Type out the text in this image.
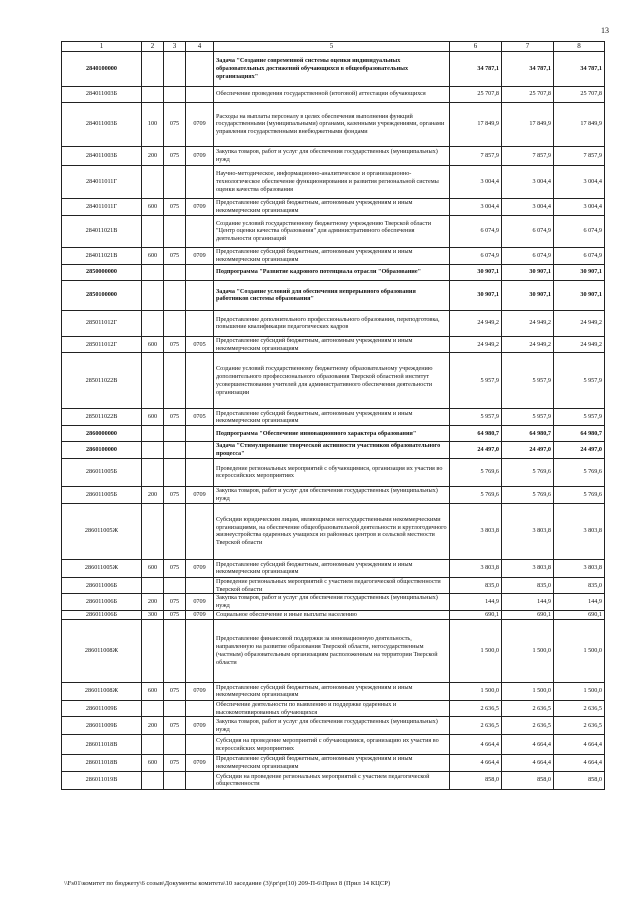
13
1	2	3	4	5	6	7	8
2840100000				Задача "Создание современной системы оценки индивидуальных образовательных достижений обучающихся в общеобразовательных организациях"	34 787,1	34 787,1	34 787,1
284011003Б				Обеспечение проведения государственной (итоговой) аттестации обучающихся	25 707,8	25 707,8	25 707,8
284011003Б	100	075	0709	Расходы на выплаты персоналу в целях обеспечения выполнения функций государственными (муниципальными) органами, казенными учреждениями, органами управления государственными внебюджетными фондами	17 849,9	17 849,9	17 849,9
284011003Б	200	075	0709	Закупка товаров, работ и услуг для обеспечения государственных (муниципальных) нужд	7 857,9	7 857,9	7 857,9
284011011Г				Научно-методическое, информационно-аналитическое и организационно-технологическое обеспечение функционирования и развития региональной системы оценки качества образования	3 004,4	3 004,4	3 004,4
284011011Г	600	075	0709	Предоставление субсидий бюджетным, автономным учреждениям и иным некоммерческим организациям	3 004,4	3 004,4	3 004,4
284011021В				Создание условий государственному бюджетному учреждению Тверской области "Центр оценки качества образования" для административного обеспечения деятельности организаций	6 074,9	6 074,9	6 074,9
284011021В	600	075	0709	Предоставление субсидий бюджетным, автономным учреждениям и иным некоммерческим организациям	6 074,9	6 074,9	6 074,9
2850000000				Подпрограмма "Развитие кадрового потенциала отрасли "Образование"	30 907,1	30 907,1	30 907,1
2850100000				Задача "Создание условий для обеспечения непрерывного образования работников системы образования"	30 907,1	30 907,1	30 907,1
285011012Г				Предоставление дополнительного профессионального образования, переподготовка, повышение квалификации педагогических кадров	24 949,2	24 949,2	24 949,2
285011012Г	600	075	0705	Предоставление субсидий бюджетным, автономным учреждениям и иным некоммерческим организациям	24 949,2	24 949,2	24 949,2
285011022В				Создание условий государственному бюджетному образовательному учреждению дополнительного профессионального образования Тверской областной институт усовершенствования учителей для административного обеспечения деятельности организации	5 957,9	5 957,9	5 957,9
285011022В	600	075	0705	Предоставление субсидий бюджетным, автономным учреждениям и иным некоммерческим организациям	5 957,9	5 957,9	5 957,9
2860000000				Подпрограмма "Обеспечение инновационного характера образования"	64 980,7	64 980,7	64 980,7
2860100000				Задача "Стимулирование творческой активности участников образовательного процесса"	24 497,0	24 497,0	24 497,0
286011005Б				Проведение региональных мероприятий с обучающимися, организация их участия во всероссийских мероприятиях	5 769,6	5 769,6	5 769,6
286011005Б	200	075	0709	Закупка товаров, работ и услуг для обеспечения государственных (муниципальных) нужд	5 769,6	5 769,6	5 769,6
286011005Ж				Субсидии юридическим лицам, являющимся негосударственными некоммерческими организациями, на обеспечение общеобразовательной деятельности и круглогодичного жизнеустройства одаренных учащихся из районных центров и сельской местности Тверской области	3 803,8	3 803,8	3 803,8
286011005Ж	600	075	0709	Предоставление субсидий бюджетным, автономным учреждениям и иным некоммерческим организациям	3 803,8	3 803,8	3 803,8
286011006Б				Проведение региональных мероприятий с участием педагогической общественности Тверской области	835,0	835,0	835,0
286011006Б	200	075	0709	Закупка товаров, работ и услуг для обеспечения государственных (муниципальных) нужд	144,9	144,9	144,9
286011006Б	300	075	0709	Социальное обеспечение и иные выплаты населению	690,1	690,1	690,1
286011008Ж				Предоставление финансовой поддержки за инновационную деятельность, направленную на развитие образования Тверской области, негосударственным (частным) образовательным организациям расположенным на территории Тверской области	1 500,0	1 500,0	1 500,0
286011008Ж	600	075	0709	Предоставление субсидий бюджетным, автономным учреждениям и иным некоммерческим организациям	1 500,0	1 500,0	1 500,0
286011009Б				Обеспечение деятельности по выявлению и поддержке одаренных и высокомотивированных обучающихся	2 636,5	2 636,5	2 636,5
286011009Б	200	075	0709	Закупка товаров, работ и услуг для обеспечения государственных (муниципальных) нужд	2 636,5	2 636,5	2 636,5
286011018В				Субсидия на проведение мероприятий с обучающимися, организацию их участия во всероссийских мероприятиях	4 664,4	4 664,4	4 664,4
286011018В	600	075	0709	Предоставление субсидий бюджетным, автономным учреждениям и иным некоммерческим организациям	4 664,4	4 664,4	4 664,4
286011019В				Субсидии на проведение региональных мероприятий с участием педагогической общественности	858,0	858,0	858,0
\\Fs01\комитет по бюджету\6 созыв\Документы комитета\10 заседание (3)\pr\pr(10) 209-П-6\Прил 8 (Прил 14 КЦСР)
